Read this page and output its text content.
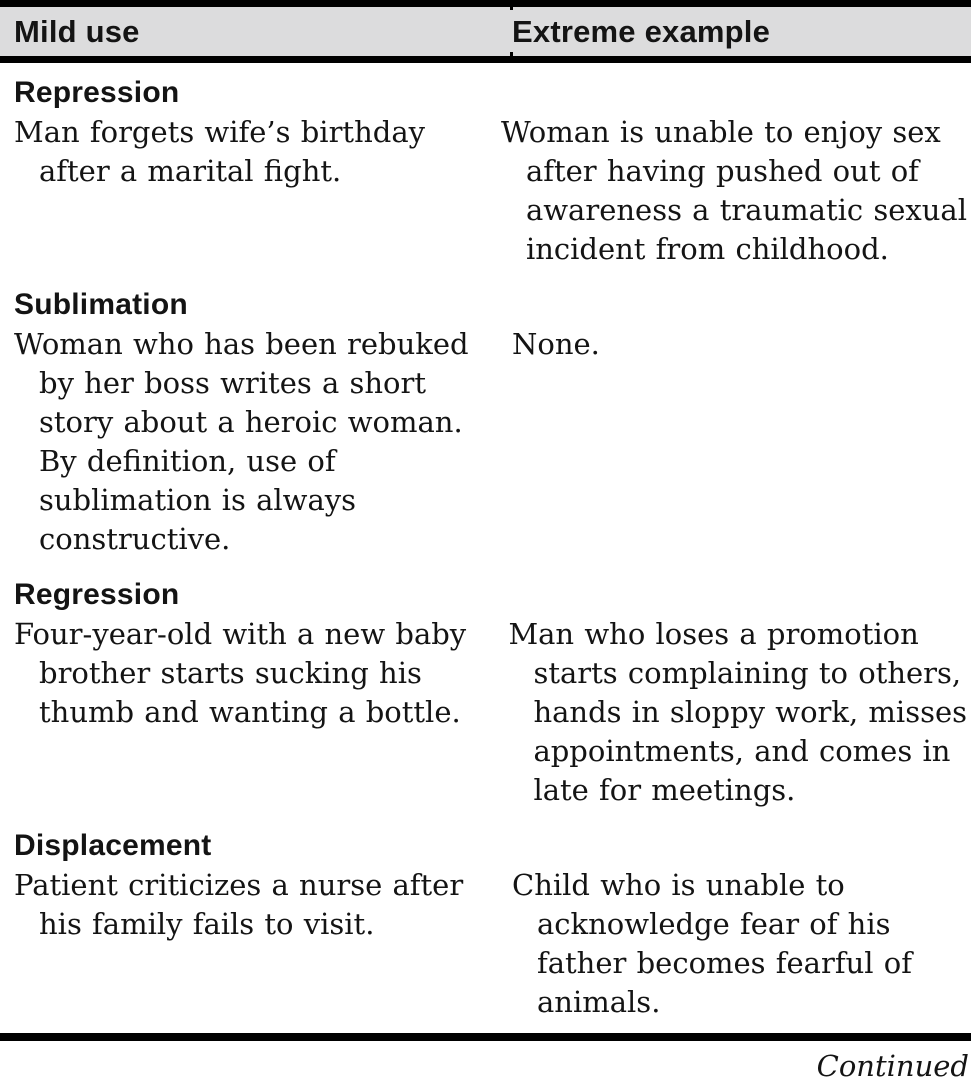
Mild use	Extreme example
Repression
Man forgets wife’s birthday
after a marital fight.
Woman is unable to enjoy sex
after having pushed out of
awareness a traumatic sexual
incident from childhood.
Sublimation
Woman who has been rebuked
by her boss writes a short
story about a heroic woman.
By definition, use of
sublimation is always
constructive.
None.
Regression
Four-year-old with a new baby
brother starts sucking his
thumb and wanting a bottle.
Man who loses a promotion
starts complaining to others,
hands in sloppy work, misses
appointments, and comes in
late for meetings.
Displacement
Patient criticizes a nurse after
his family fails to visit.
Child who is unable to
acknowledge fear of his
father becomes fearful of
animals.
Continued
